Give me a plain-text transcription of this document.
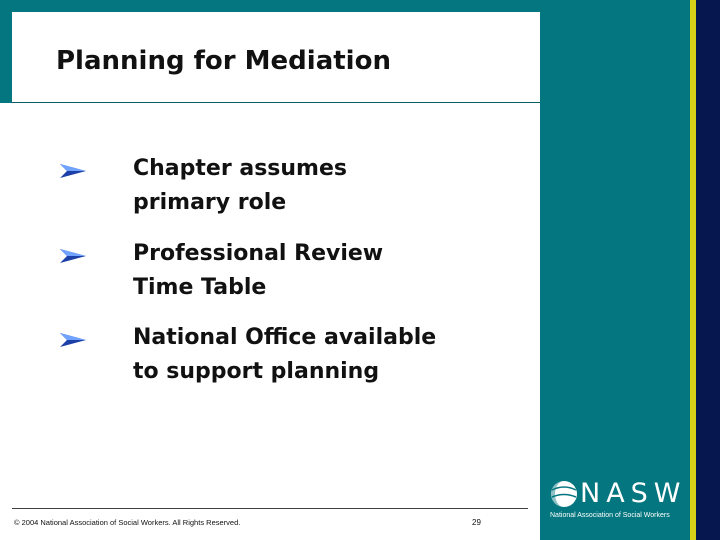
Planning for Mediation
Chapter assumes
primary role
Professional Review
Time Table
National Office available
to support planning
© 2004 National Association of Social Workers. All Rights Reserved.	29
NASW
National Association of Social Workers
